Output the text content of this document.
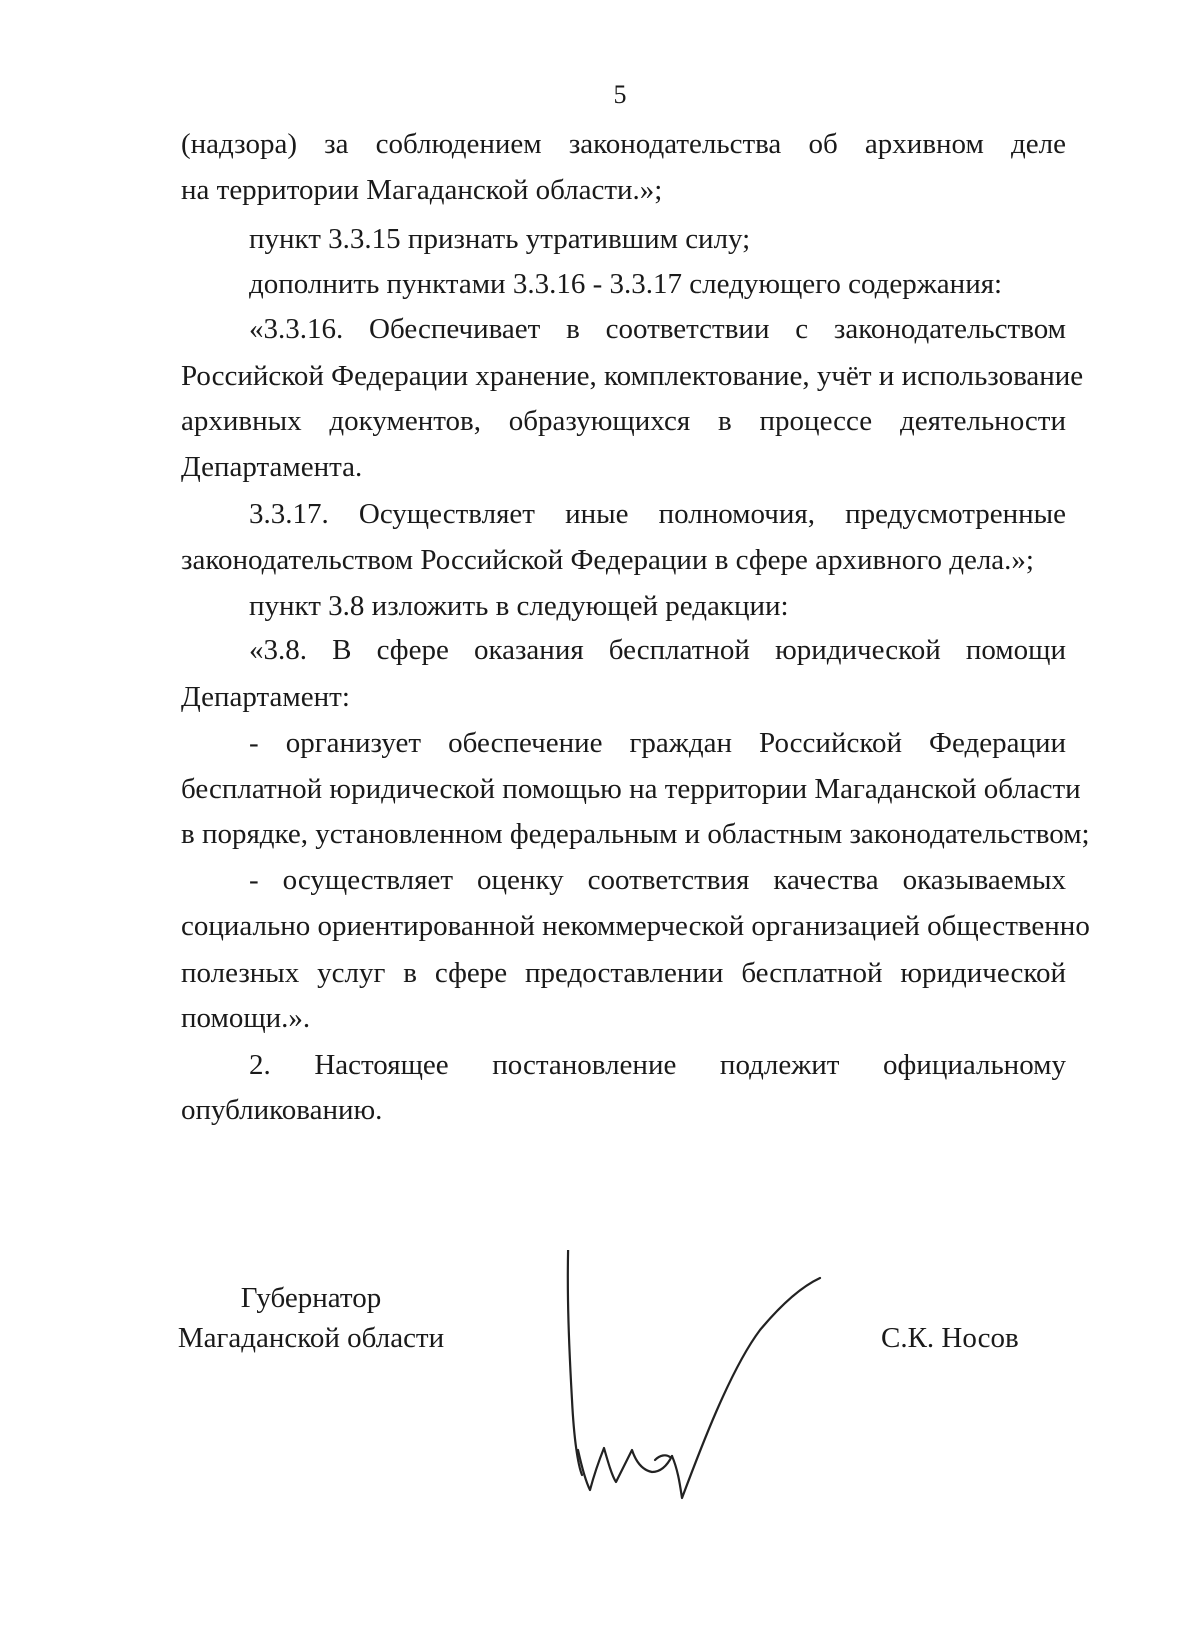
5
(надзора) за соблюдением законодательства об архивном деле
на территории Магаданской области.»;
пункт 3.3.15 признать утратившим силу;
дополнить пунктами 3.3.16 - 3.3.17 следующего содержания:
«3.3.16. Обеспечивает в соответствии с законодательством
Российской Федерации хранение, комплектование, учёт и использование
архивных документов, образующихся в процессе деятельности
Департамента.
3.3.17. Осуществляет иные полномочия, предусмотренные
законодательством Российской Федерации в сфере архивного дела.»;
пункт 3.8 изложить в следующей редакции:
«3.8. В сфере оказания бесплатной юридической помощи
Департамент:
- организует обеспечение граждан Российской Федерации
бесплатной юридической помощью на территории Магаданской области
в порядке, установленном федеральным и областным законодательством;
- осуществляет оценку соответствия качества оказываемых
социально ориентированной некоммерческой организацией общественно
полезных услуг в сфере предоставлении бесплатной юридической
помощи.».
2. Настоящее постановление подлежит официальному
опубликованию.
Губернатор
Магаданской области	С.К. Носов
